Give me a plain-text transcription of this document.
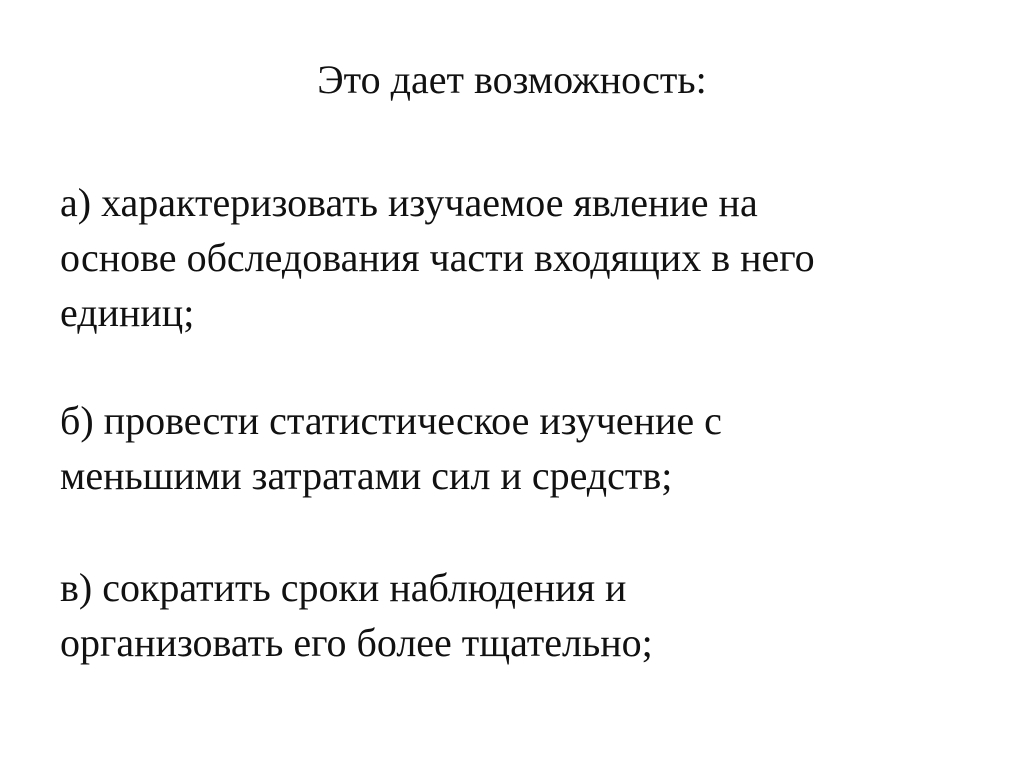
Это дает возможность:

а) характеризовать изучаемое явление на
основе обследования части входящих в него
единиц;

б) провести статистическое изучение с
меньшими затратами сил и средств;

в) сократить сроки наблюдения и
организовать его более тщательно;
